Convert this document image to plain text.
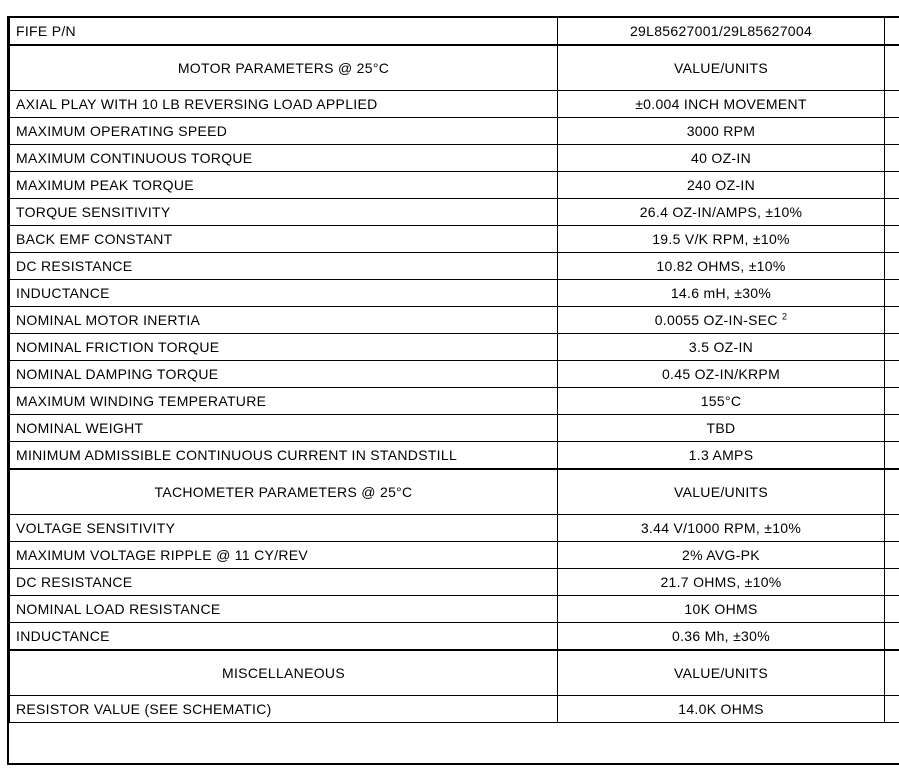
FIFE P/N	29L85627001/29L85627004	
MOTOR PARAMETERS @ 25°C	VALUE/UNITS	
AXIAL PLAY WITH 10 LB REVERSING LOAD APPLIED	±0.004 INCH MOVEMENT	
MAXIMUM OPERATING SPEED	3000 RPM	
MAXIMUM CONTINUOUS TORQUE	40 OZ-IN	
MAXIMUM PEAK TORQUE	240 OZ-IN	
TORQUE SENSITIVITY	26.4 OZ-IN/AMPS, ±10%	
BACK EMF CONSTANT	19.5 V/K RPM, ±10%	
DC RESISTANCE	10.82 OHMS, ±10%	
INDUCTANCE	14.6 mH, ±30%	
NOMINAL MOTOR INERTIA	0.0055 OZ-IN-SEC $^2$	
NOMINAL FRICTION TORQUE	3.5 OZ-IN	
NOMINAL DAMPING TORQUE	0.45 OZ-IN/KRPM	
MAXIMUM WINDING TEMPERATURE	155°C	
NOMINAL WEIGHT	TBD	
MINIMUM ADMISSIBLE CONTINUOUS CURRENT IN STANDSTILL	1.3 AMPS	
TACHOMETER PARAMETERS @ 25°C	VALUE/UNITS	
VOLTAGE SENSITIVITY	3.44 V/1000 RPM, ±10%	
MAXIMUM VOLTAGE RIPPLE @ 11 CY/REV	2% AVG-PK	
DC RESISTANCE	21.7 OHMS, ±10%	
NOMINAL LOAD RESISTANCE	10K OHMS	
INDUCTANCE	0.36 Mh, ±30%	
MISCELLANEOUS	VALUE/UNITS	
RESISTOR VALUE (SEE SCHEMATIC)	14.0K OHMS	
